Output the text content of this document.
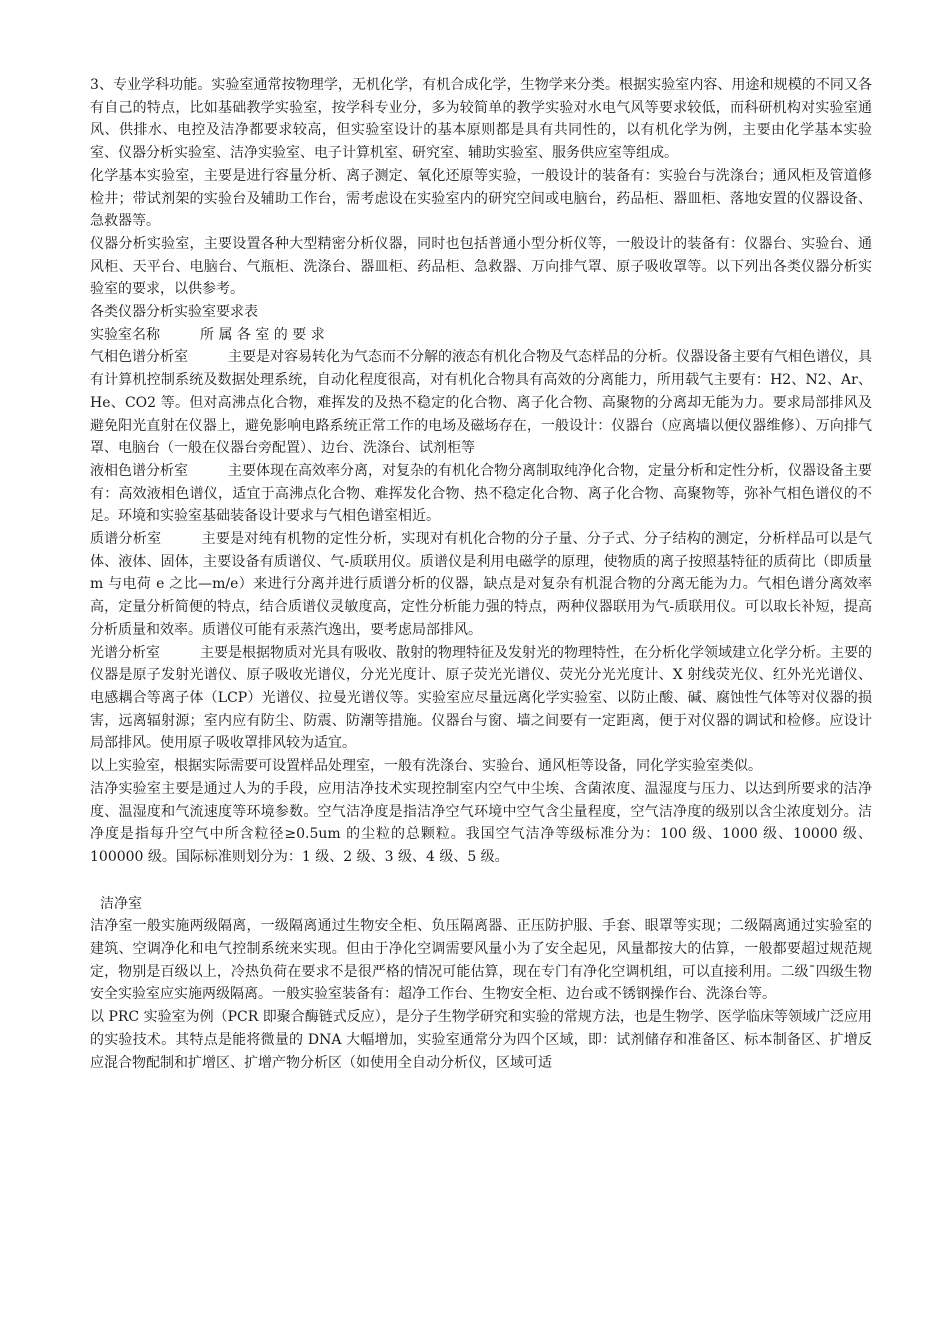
3、专业学科功能。实验室通常按物理学，无机化学，有机合成化学，生物学来分类。根据实验室内容、用途和规模的不同又各有自己的特点，比如基础教学实验室，按学科专业分，多为较简单的教学实验对水电气风等要求较低，而科研机构对实验室通风、供排水、电控及洁净都要求较高，但实验室设计的基本原则都是具有共同性的，以有机化学为例，主要由化学基本实验室、仪器分析实验室、洁净实验室、电子计算机室、研究室、辅助实验室、服务供应室等组成。

化学基本实验室，主要是进行容量分析、离子测定、氧化还原等实验，一般设计的装备有：实验台与洗涤台；通风柜及管道修检井；带试剂架的实验台及辅助工作台，需考虑设在实验室内的研究空间或电脑台，药品柜、器皿柜、落地安置的仪器设备、急救器等。

仪器分析实验室，主要设置各种大型精密分析仪器，同时也包括普通小型分析仪等，一般设计的装备有：仪器台、实验台、通风柜、天平台、电脑台、气瓶柜、洗涤台、器皿柜、药品柜、急救器、万向排气罩、原子吸收罩等。以下列出各类仪器分析实验室的要求，以供参考。

各类仪器分析实验室要求表

实验室名称	所 属 各 室 的 要 求

气相色谱分析室	主要是对容易转化为气态而不分解的液态有机化合物及气态样品的分析。仪器设备主要有气相色谱仪，具有计算机控制系统及数据处理系统，自动化程度很高，对有机化合物具有高效的分离能力，所用载气主要有：H2、N2、Ar、He、CO2 等。但对高沸点化合物，难挥发的及热不稳定的化合物、离子化合物、高聚物的分离却无能为力。要求局部排风及避免阳光直射在仪器上，避免影响电路系统正常工作的电场及磁场存在，一般设计：仪器台（应离墙以便仪器维修）、万向排气罩、电脑台（一般在仪器台旁配置）、边台、洗涤台、试剂柜等

液相色谱分析室	主要体现在高效率分离，对复杂的有机化合物分离制取纯净化合物，定量分析和定性分析，仪器设备主要有：高效液相色谱仪，适宜于高沸点化合物、难挥发化合物、热不稳定化合物、离子化合物、高聚物等，弥补气相色谱仪的不足。环境和实验室基础装备设计要求与气相色谱室相近。

质谱分析室	主要是对纯有机物的定性分析，实现对有机化合物的分子量、分子式、分子结构的测定，分析样品可以是气体、液体、固体，主要设备有质谱仪、气-质联用仪。质谱仪是利用电磁学的原理，使物质的离子按照基特征的质荷比（即质量 m 与电荷 e 之比—m/e）来进行分离并进行质谱分析的仪器，缺点是对复杂有机混合物的分离无能为力。气相色谱分离效率高，定量分析简便的特点，结合质谱仪灵敏度高，定性分析能力强的特点，两种仪器联用为气-质联用仪。可以取长补短，提高分析质量和效率。质谱仪可能有汞蒸汽逸出，要考虑局部排风。

光谱分析室	主要是根据物质对光具有吸收、散射的物理特征及发射光的物理特性，在分析化学领域建立化学分析。主要的仪器是原子发射光谱仪、原子吸收光谱仪，分光光度计、原子荧光光谱仪、荧光分光光度计、X 射线荧光仪、红外光光谱仪、电感耦合等离子体（LCP）光谱仪、拉曼光谱仪等。实验室应尽量远离化学实验室、以防止酸、碱、腐蚀性气体等对仪器的损害，远离辐射源；室内应有防尘、防震、防潮等措施。仪器台与窗、墙之间要有一定距离，便于对仪器的调试和检修。应设计局部排风。使用原子吸收罩排风较为适宜。

以上实验室，根据实际需要可设置样品处理室，一般有洗涤台、实验台、通风柜等设备，同化学实验室类似。

洁净实验室主要是通过人为的手段，应用洁净技术实现控制室内空气中尘埃、含菌浓度、温湿度与压力、以达到所要求的洁净度、温湿度和气流速度等环境参数。空气洁净度是指洁净空气环境中空气含尘量程度，空气洁净度的级别以含尘浓度划分。洁净度是指每升空气中所含粒径≥0.5um 的尘粒的总颗粒。我国空气洁净等级标准分为：100 级、1000 级、10000 级、100000 级。国际标准则划分为：1 级、2 级、3 级、4 级、5 级。

洁净室

洁净室一般实施两级隔离，一级隔离通过生物安全柜、负压隔离器、正压防护服、手套、眼罩等实现；二级隔离通过实验室的建筑、空调净化和电气控制系统来实现。但由于净化空调需要风量小为了安全起见，风量都按大的估算，一般都要超过规范规定，物别是百级以上，冷热负荷在要求不是很严格的情况可能估算，现在专门有净化空调机组，可以直接利用。二级¯四级生物安全实验室应实施两级隔离。一般实验室装备有：超净工作台、生物安全柜、边台或不锈钢操作台、洗涤台等。

以 PRC 实验室为例（PCR 即聚合酶链式反应），是分子生物学研究和实验的常规方法，也是生物学、医学临床等领域广泛应用的实验技术。其特点是能将微量的 DNA 大幅增加，实验室通常分为四个区域，即：试剂储存和准备区、标本制备区、扩增反应混合物配制和扩增区、扩增产物分析区（如使用全自动分析仪，区域可适
